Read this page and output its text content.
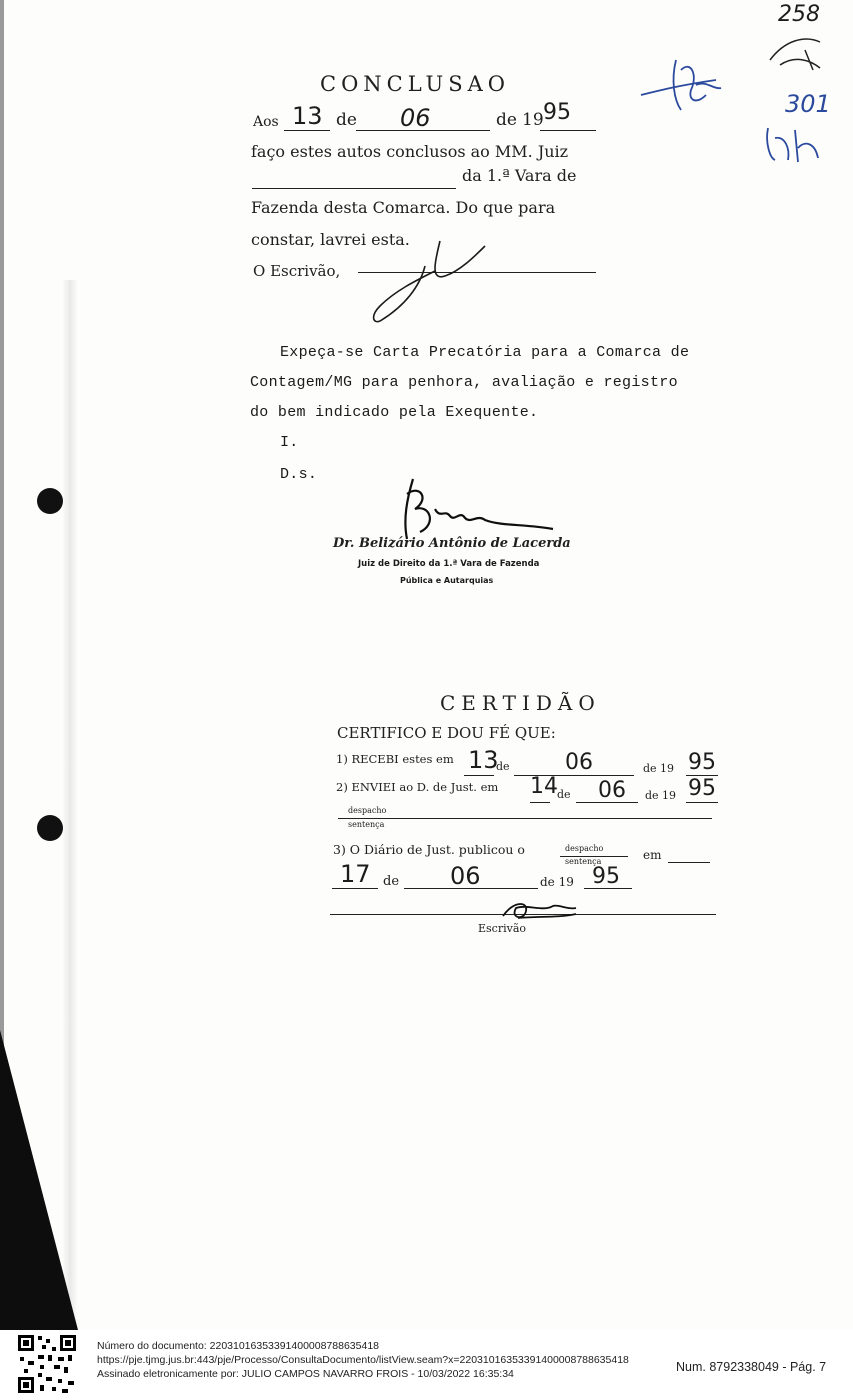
258
301
CONCLUSAO
Aos 13 de 06	de 19 95
faço estes autos conclusos ao MM. Juiz
da 1.ª Vara de
Fazenda desta Comarca. Do que para
constar, lavrei esta.
O Escrivão,
Expeça-se Carta Precatória para a Comarca de
Contagem/MG para penhora, avaliação e registro
do bem indicado pela Exequente.
I.
D.s.
Dr. Belizário Antônio de Lacerda
Juiz de Direito da 1.ª Vara de Fazenda
Pública e Autarquias
CERTIDÃO
CERTIFICO E DOU FÉ QUE:
1) RECEBI estes em 13
de	06	de 19 95
2) ENVIEI ao D. de Just. em 14 de 06 de 19 95
despacho
sentença
3) O Diário de Just. publicou o	despacho
sentença	em
17 de 06	de 19 95
Escrivão
Número do documento: 22031016353391400008788635418
https://pje.tjmg.jus.br:443/pje/Processo/ConsultaDocumento/listView.seam?x=22031016353391400008788635418
Assinado eletronicamente por: JULIO CAMPOS NAVARRO FROIS - 10/03/2022 16:35:34	Num. 8792338049 - Pág. 7
